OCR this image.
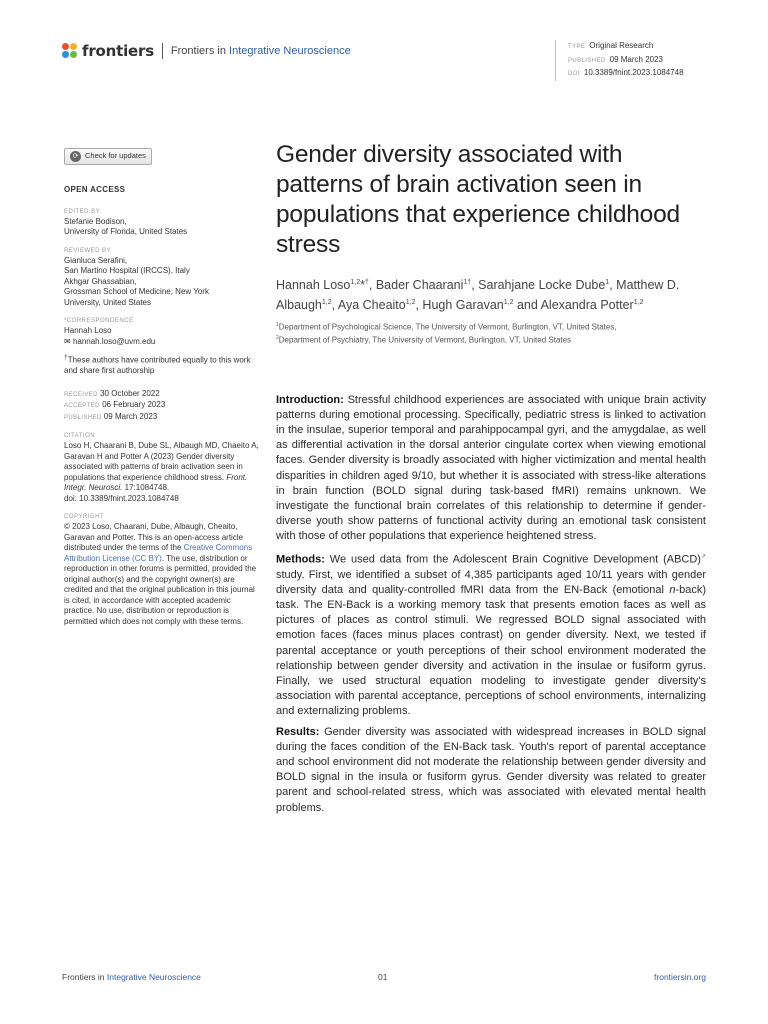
frontiers Frontiers in Integrative Neuroscience	TYPE Original Research
PUBLISHED 09 March 2023
DOI 10.3389/fnint.2023.1084748
⟳ Check for updates
OPEN ACCESS
EDITED BY
Stefanie Bodison,
University of Florida, United States
REVIEWED BY
Gianluca Serafini,
San Martino Hospital (IRCCS), Italy
Akhgar Ghassabian,
Grossman School of Medicine, New York
University, United States
*CORRESPONDENCE
Hannah Loso
✉ hannah.loso@uvm.edu
†These authors have contributed equally to this work and share first authorship
RECEIVED 30 October 2022
ACCEPTED 06 February 2023
PUBLISHED 09 March 2023
CITATION
Loso H, Chaarani B, Dube SL, Albaugh MD, Chaeito A, Garavan H and Potter A (2023) Gender diversity associated with patterns of brain activation seen in populations that experience childhood stress. Front. Integr. Neurosci. 17:1084748.
doi: 10.3389/fnint.2023.1084748
COPYRIGHT
© 2023 Loso, Chaarani, Dube, Albaugh, Cheaito, Garavan and Potter. This is an open-access article distributed under the terms of the Creative Commons Attribution License (CC BY). The use, distribution or reproduction in other forums is permitted, provided the original author(s) and the copyright owner(s) are credited and that the original publication in this journal is cited, in accordance with accepted academic practice. No use, distribution or reproduction is permitted which does not comply with these terms.
Gender diversity associated with patterns of brain activation seen in populations that experience childhood stress
Hannah Loso$^{1,2}$*†, Bader Chaarani$^{1\dagger}$, Sarahjane Locke Dube$^1$, Matthew D. Albaugh$^{1,2}$, Aya Cheaito$^{1,2}$, Hugh Garavan$^{1,2}$ and Alexandra Potter$^{1,2}$
$^1$Department of Psychological Science, The University of Vermont, Burlington, VT, United States,
$^2$Department of Psychiatry, The University of Vermont, Burlington, VT, United States

Introduction: Stressful childhood experiences are associated with unique brain activity patterns during emotional processing. Specifically, pediatric stress is linked to activation in the insulae, superior temporal and parahippocampal gyri, and the amygdalae, as well as differential activation in the dorsal anterior cingulate cortex when viewing emotional faces. Gender diversity is broadly associated with higher victimization and mental health disparities in children aged 9/10, but whether it is associated with stress-like alterations in brain function (BOLD signal during task-based fMRI) remains unknown. We investigate the functional brain correlates of this relationship to determine if gender-diverse youth show patterns of functional activity during an emotional task consistent with those of other populations that experience heightened stress.

Methods: We used data from the Adolescent Brain Cognitive Development (ABCD)↗ study. First, we identified a subset of 4,385 participants aged 10/11 years with gender diversity data and quality-controlled fMRI data from the EN-Back (emotional n-back) task. The EN-Back is a working memory task that presents emotion faces as well as pictures of places as control stimuli. We regressed BOLD signal associated with emotion faces (faces minus places contrast) on gender diversity. Next, we tested if parental acceptance or youth perceptions of their school environment moderated the relationship between gender diversity and activation in the insulae or fusiform gyrus. Finally, we used structural equation modeling to investigate gender diversity's association with parental acceptance, perceptions of school environments, internalizing and externalizing problems.

Results: Gender diversity was associated with widespread increases in BOLD signal during the faces condition of the EN-Back task. Youth's report of parental acceptance and school environment did not moderate the relationship between gender diversity and BOLD signal in the insula or fusiform gyrus. Gender diversity was related to greater parent and school-related stress, which was associated with elevated mental health problems.

Frontiers in Integrative Neuroscience	01	frontiersin.org
